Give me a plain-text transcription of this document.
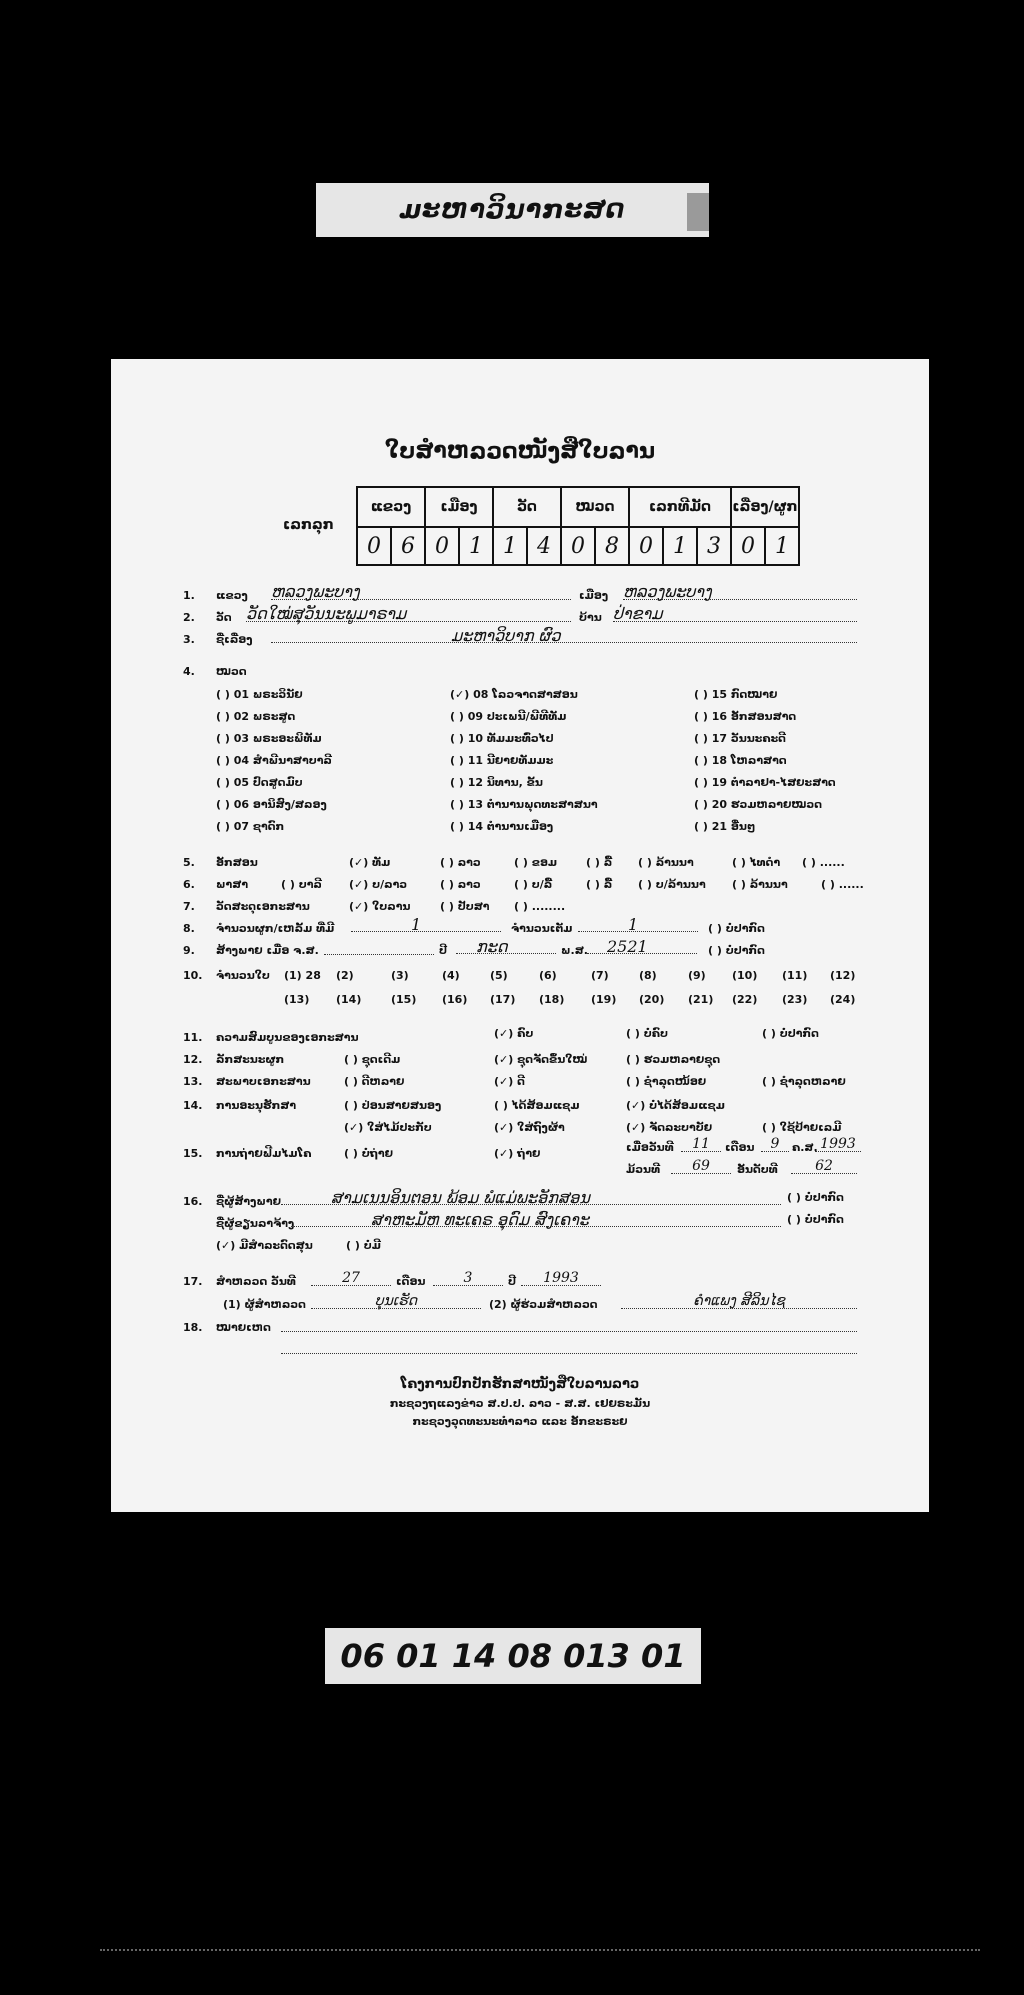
ມະຫາວິນາກະສດ
ໃບສຳຫລວດໜັງສືໃບລານ
ເລກລຸກ
ແຂວງ		ເມືອງ		ວັດ		ໝວດ		ເລກທີມັດ			ເລື່ອງ/ຜູກ	
0	6	0	1	1	4	0	8	0	1	3	0	1
1. ແຂວງ ຫລວງພະບາງ	ເມືອງ ຫລວງພະບາງ
2. ວັດ ວັດໃໝ່ສຸວັນນະພູມາຣາມ	ບ້ານ ປ່າຂາມ
3. ຊື່ເລື່ອງ	ມະຫາວິບາກ ຜົວ
4. ໝວດ
( ) 01 ພຣະວິນັຍ
( ) 02 ພຣະສູດ
( ) 03 ພຣະອະພິທັມ
( ) 04 ສຳພີນາສາບາລີ
( ) 05 ປົດສູດມົບ
( ) 06 ອານິສົງ/ສລອງ
( ) 07 ຊາດົກ
(✓) 08 ໂລວຈາດສາສອນ
( ) 09 ປະເພນີ/ພີທີທັມ
( ) 10 ທັມມະທົ່ວໄປ
( ) 11 ນີຍາຍທັມມະ
( ) 12 ນິທານ, ຂັ້ນ
( ) 13 ຕຳນານພຸດທະສາສນາ
( ) 14 ຕຳນານເມືອງ
( ) 15 ກົດໝາຍ
( ) 16 ອັກສອນສາດ
( ) 17 ວັນນະຄະດີ
( ) 18 ໂຫລາສາດ
( ) 19 ຕຳລາຢາ-ໄສຍະສາດ
( ) 20 ຮວມຫລາຍໝວດ
( ) 21 ອື່ນໆ
5. ອັກສອນ	(✓) ທັມ	( ) ລາວ	( ) ຂອມ	( ) ລື້ ( ) ລ້ານນາ	( ) ໄທດຳ ( ) ......
6. ພາສາ	( ) ບາລີ (✓) ບ/ລາວ	( ) ລາວ	( ) ບ/ລື້	( ) ລື້ ( ) ບ/ລ້ານນາ ( ) ລ້ານນາ	( ) ......
7. ວັດສະດຸເອກະສານ	(✓) ໃບລານ	( ) ປັບສາ ( ) ........
8. ຈຳນວນຜູກ/ເຫລັ້ມ ທີ່ມີ	1	ຈຳນວນເຕັມ	1	( ) ບໍ່ປາກົດ
9. ສ້າງພາຍ ເມື່ອ ຈ.ສ.	ປີ	ກະດ	ພ.ສ.	2521	( ) ບໍ່ປາກົດ
10. ຈຳນວນໃບ (1) 28 (2)	(3)	(4)	(5)	(6)	(7)	(8)	(9) (10) (11) (12)
(13) (14)	(15) (16) (17) (18) (19) (20) (21) (22) (23) (24)
11. ຄວາມສົມບູນຂອງເອກະສານ	(✓) ຄົບ	( ) ບໍ່ຄົບ	( ) ບໍ່ປາກົດ
12. ລັກສະນະຜູກ	( ) ຊຸດເດີມ	(✓) ຊຸດຈັດຂຶ້ນໃໝ່	( ) ຮວມຫລາຍຊຸດ
13. ສະພາບເອກະສານ	( ) ດີຫລາຍ	(✓) ດີ	( ) ຊຳລຸດໜ້ອຍ	( ) ຊຳລຸດຫລາຍ
14. ການອະນຸຮັກສາ	( ) ປ່ອນສາຍສນອງ	( ) ໄດ້ສ້ອມແຊມ	(✓) ບໍ່ໄດ້ສ້ອມແຊມ
(✓) ໃສ່ໄມ້ປະກັບ	(✓) ໃສ່ຖົງຜ້າ	(✓) ຈັດລະບາບັຍ	( ) ໃຊ້ປ້າຍເລມີ
15. ການຖ່າຍຟີມໄມໂຄ	( ) ບໍ່ຖ່າຍ	(✓) ຖ່າຍ	ເມື່ອວັນທີ	11	ເດືອນ	9	ຄ.ສ. 1993
ມ້ວນທີ	69	ອັນດັບທີ	62
16. ຊື່ຜູ້ສ້າງພາຍ	ສາມເນນອິນຕອນ ພ້ອມ ພໍແມ່ພະອັກສອນ	( ) ບໍ່ປາກົດ
ຊື່ຜູ້ຂຽນລາຈ້າງ	ສາຫະມັຫ ທະເຄຣ ອຸດົມ ສົງເຄາະ	( ) ບໍ່ປາກົດ
(✓) ມີສຳລະດົດສຸນ	( ) ບໍ່ມີ
17. ສຳຫລວດ ວັນທີ	27	ເດືອນ	3	ປີ	1993
(1) ຜູ້ສຳຫລວດ	ບຸນເຮັດ	(2) ຜູ້ຮ່ວມສຳຫລວດ	ຄຳແພງ ສີລິນໄຊ
18. ໝາຍເຫດ
ໂຄງການປົກປັກຮັກສາໜັງສືໃບລານລາວ
ກະຊວງຖແລງຂ່າວ ສ.ປ.ປ. ລາວ - ສ.ສ. ເຢຍຣະມັນ
ກະຊວງວຸດທະນະທຳລາວ ແລະ ອັກຂະຣະຍ
06 01 14 08 013 01
